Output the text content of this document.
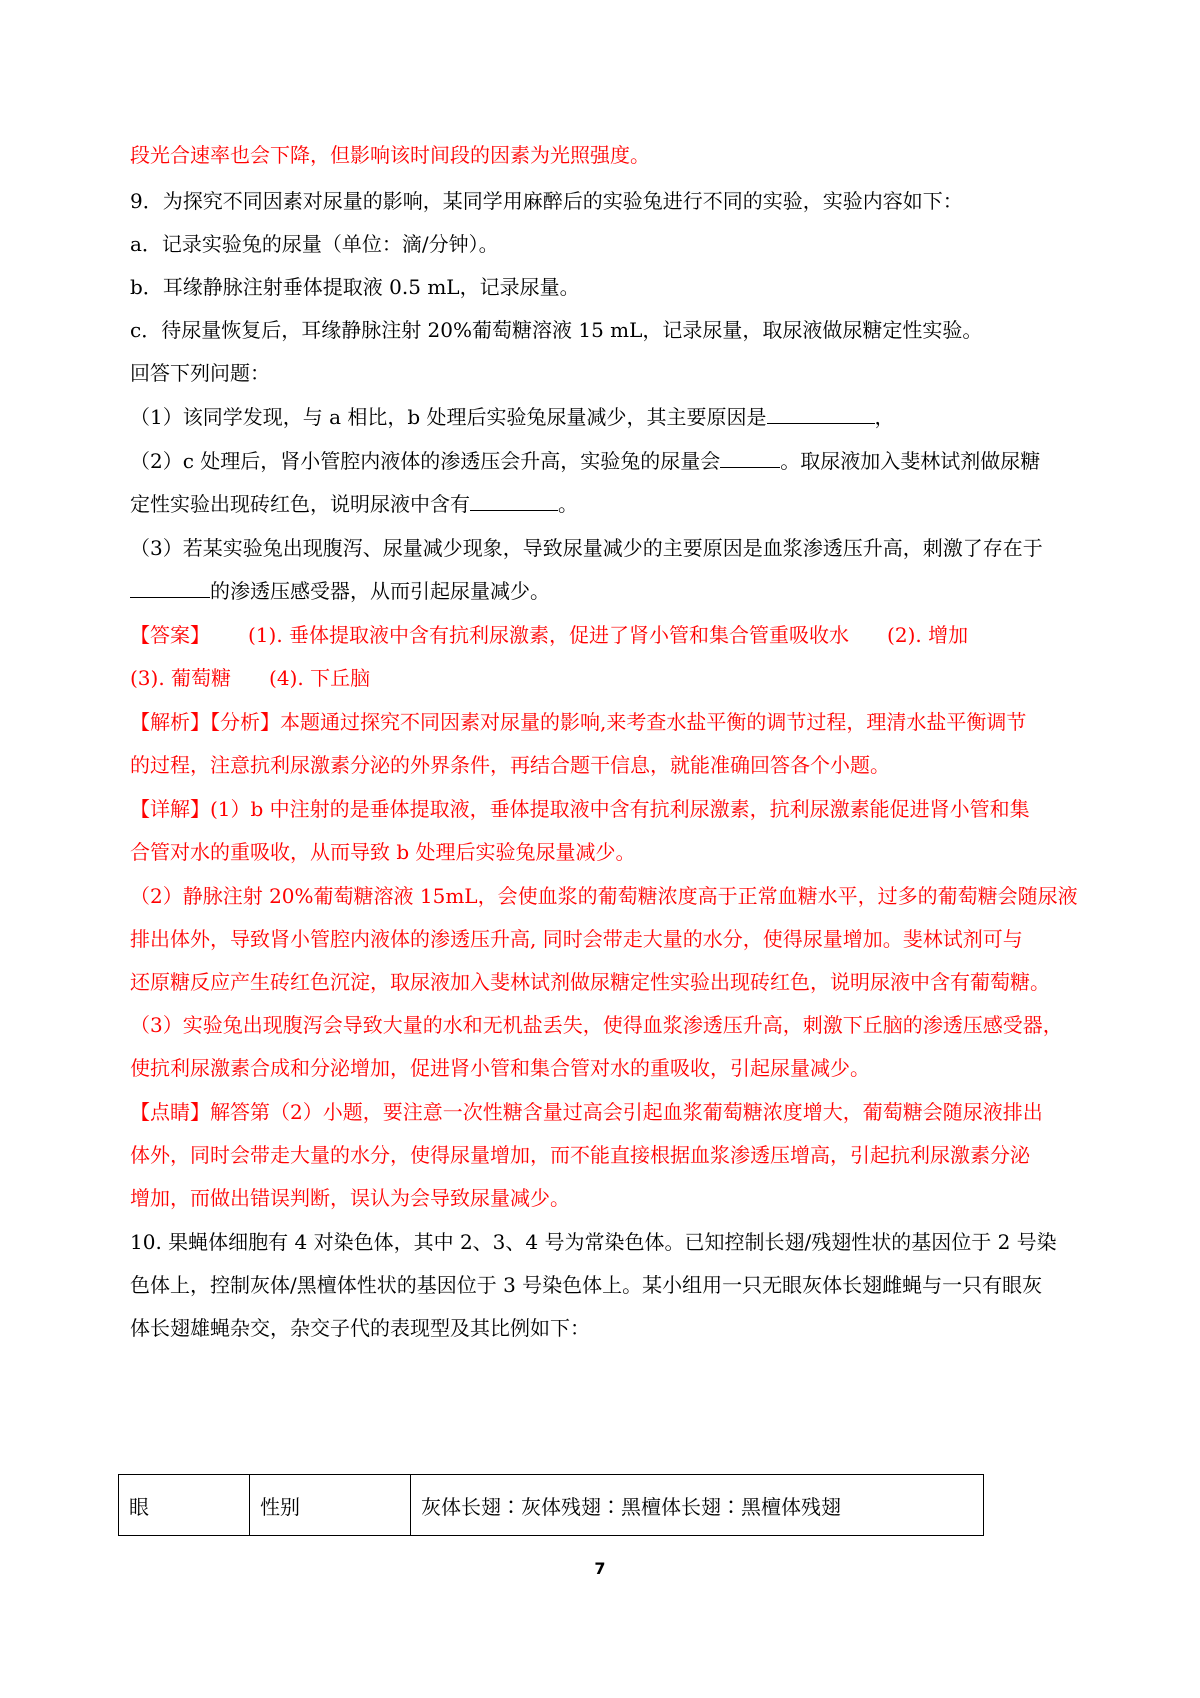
段光合速率也会下降，但影响该时间段的因素为光照强度。
9．为探究不同因素对尿量的影响，某同学用麻醉后的实验兔进行不同的实验，实验内容如下：
a．记录实验兔的尿量（单位：滴/分钟）。
b．耳缘静脉注射垂体提取液 0.5 mL，记录尿量。
c．待尿量恢复后，耳缘静脉注射 20%葡萄糖溶液 15 mL，记录尿量，取尿液做尿糖定性实验。
回答下列问题：
（1）该同学发现，与 a 相比，b 处理后实验兔尿量减少，其主要原因是	，
（2）c 处理后，肾小管腔内液体的渗透压会升高，实验兔的尿量会	。取尿液加入斐林试剂做尿糖
定性实验出现砖红色，说明尿液中含有	。
（3）若某实验兔出现腹泻、尿量减少现象，导致尿量减少的主要原因是血浆渗透压升高，刺激了存在于
的渗透压感受器，从而引起尿量减少。
【答案】 (1). 垂体提取液中含有抗利尿激素，促进了肾小管和集合管重吸收水 (2). 增加
(3). 葡萄糖 (4). 下丘脑
【解析】【分析】本题通过探究不同因素对尿量的影响,来考查水盐平衡的调节过程，理清水盐平衡调节
的过程，注意抗利尿激素分泌的外界条件，再结合题干信息，就能准确回答各个小题。
【详解】(1）b 中注射的是垂体提取液，垂体提取液中含有抗利尿激素，抗利尿激素能促进肾小管和集
合管对水的重吸收，从而导致 b 处理后实验兔尿量减少。
（2）静脉注射 20%葡萄糖溶液 15mL，会使血浆的葡萄糖浓度高于正常血糖水平，过多的葡萄糖会随尿液
排出体外，导致肾小管腔内液体的渗透压升高, 同时会带走大量的水分，使得尿量增加。斐林试剂可与
还原糖反应产生砖红色沉淀，取尿液加入斐林试剂做尿糖定性实验出现砖红色，说明尿液中含有葡萄糖。
（3）实验兔出现腹泻会导致大量的水和无机盐丢失，使得血浆渗透压升高，刺激下丘脑的渗透压感受器，
使抗利尿激素合成和分泌增加，促进肾小管和集合管对水的重吸收，引起尿量减少。
【点睛】解答第（2）小题，要注意一次性糖含量过高会引起血浆葡萄糖浓度增大，葡萄糖会随尿液排出
体外，同时会带走大量的水分，使得尿量增加，而不能直接根据血浆渗透压增高，引起抗利尿激素分泌
增加，而做出错误判断，误认为会导致尿量减少。
10. 果蝇体细胞有 4 对染色体，其中 2、3、4 号为常染色体。已知控制长翅/残翅性状的基因位于 2 号染
色体上，控制灰体/黑檀体性状的基因位于 3 号染色体上。某小组用一只无眼灰体长翅雌蝇与一只有眼灰
体长翅雄蝇杂交，杂交子代的表现型及其比例如下：
眼	性别	灰体长翅∶灰体残翅∶黑檀体长翅∶黑檀体残翅
7
